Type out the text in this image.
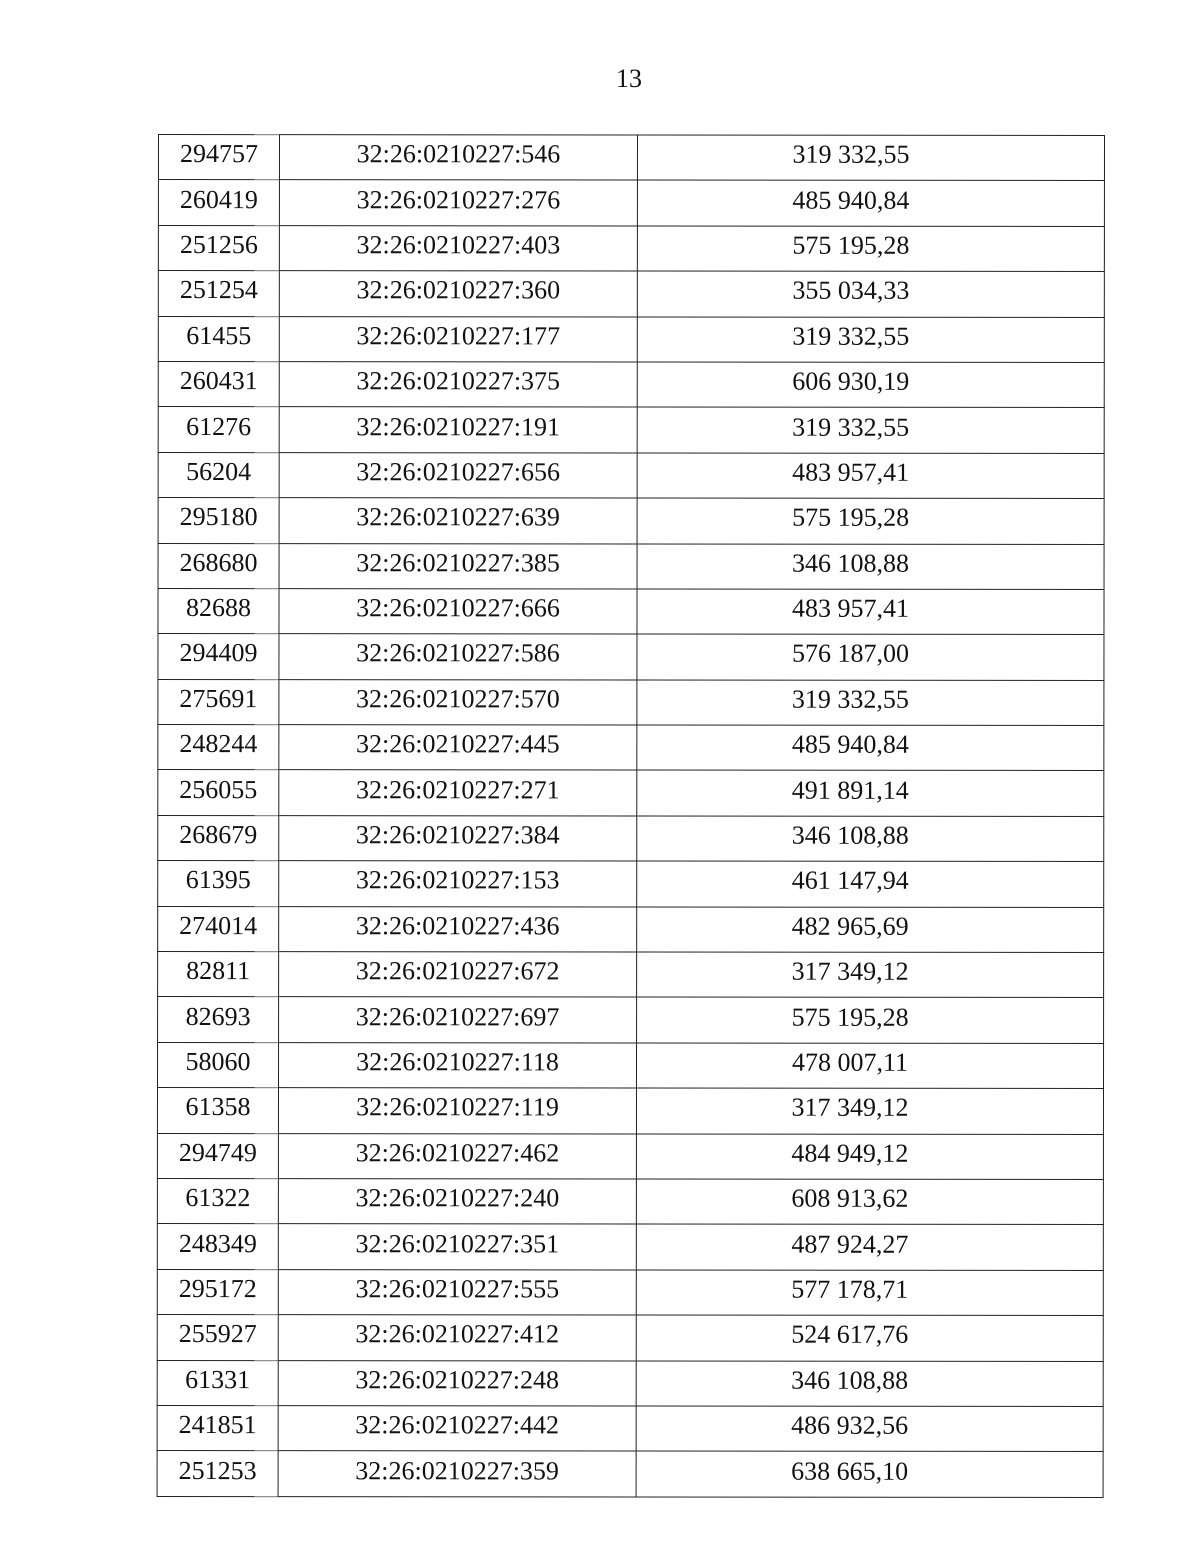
13
294757	32:26:0210227:546	319 332,55
260419	32:26:0210227:276	485 940,84
251256	32:26:0210227:403	575 195,28
251254	32:26:0210227:360	355 034,33
61455	32:26:0210227:177	319 332,55
260431	32:26:0210227:375	606 930,19
61276	32:26:0210227:191	319 332,55
56204	32:26:0210227:656	483 957,41
295180	32:26:0210227:639	575 195,28
268680	32:26:0210227:385	346 108,88
82688	32:26:0210227:666	483 957,41
294409	32:26:0210227:586	576 187,00
275691	32:26:0210227:570	319 332,55
248244	32:26:0210227:445	485 940,84
256055	32:26:0210227:271	491 891,14
268679	32:26:0210227:384	346 108,88
61395	32:26:0210227:153	461 147,94
274014	32:26:0210227:436	482 965,69
82811	32:26:0210227:672	317 349,12
82693	32:26:0210227:697	575 195,28
58060	32:26:0210227:118	478 007,11
61358	32:26:0210227:119	317 349,12
294749	32:26:0210227:462	484 949,12
61322	32:26:0210227:240	608 913,62
248349	32:26:0210227:351	487 924,27
295172	32:26:0210227:555	577 178,71
255927	32:26:0210227:412	524 617,76
61331	32:26:0210227:248	346 108,88
241851	32:26:0210227:442	486 932,56
251253	32:26:0210227:359	638 665,10
